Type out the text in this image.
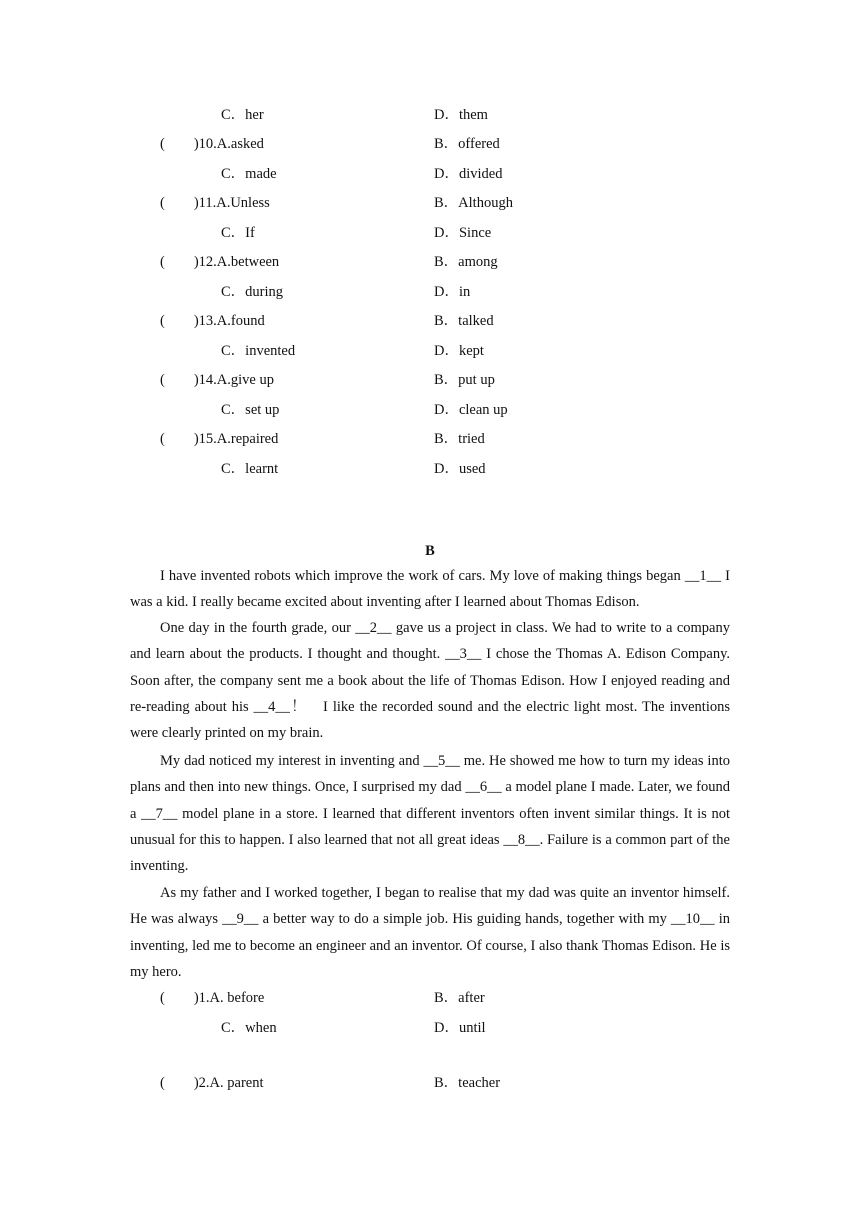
C．her	D．them
(　　)10.A.asked	B．offered
C．made	D．divided
(　　)11.A.Unless	B．Although
C．If	D．Since
(　　)12.A.between	B．among
C．during	D．in
(　　)13.A.found	B．talked
C．invented	D．kept
(　　)14.A.give up	B．put up
C．set up	D．clean up
(　　)15.A.repaired	B．tried
C．learnt	D．used
B
I have invented robots which improve the work of cars. My love of making things began __1__ I was a kid. I really became excited about inventing after I learned about Thomas Edison.
One day in the fourth grade, our __2__ gave us a project in class. We had to write to a company and learn about the products. I thought and thought. __3__ I chose the Thomas A. Edison Company. Soon after, the company sent me a book about the life of Thomas Edison. How I enjoyed reading and re-reading about his __4__！　I like the recorded sound and the electric light most. The inventions were clearly printed on my brain.
My dad noticed my interest in inventing and __5__ me. He showed me how to turn my ideas into plans and then into new things. Once, I surprised my dad __6__ a model plane I made. Later, we found a __7__ model plane in a store. I learned that different inventors often invent similar things. It is not unusual for this to happen. I also learned that not all great ideas __8__. Failure is a common part of the inventing.
As my father and I worked together, I began to realise that my dad was quite an inventor himself. He was always __9__ a better way to do a simple job. His guiding hands, together with my __10__ in inventing, led me to become an engineer and an inventor. Of course, I also thank Thomas Edison. He is my hero.
(　　)1.A. before	B．after
C．when	D．until
(　　)2.A. parent	B．teacher
